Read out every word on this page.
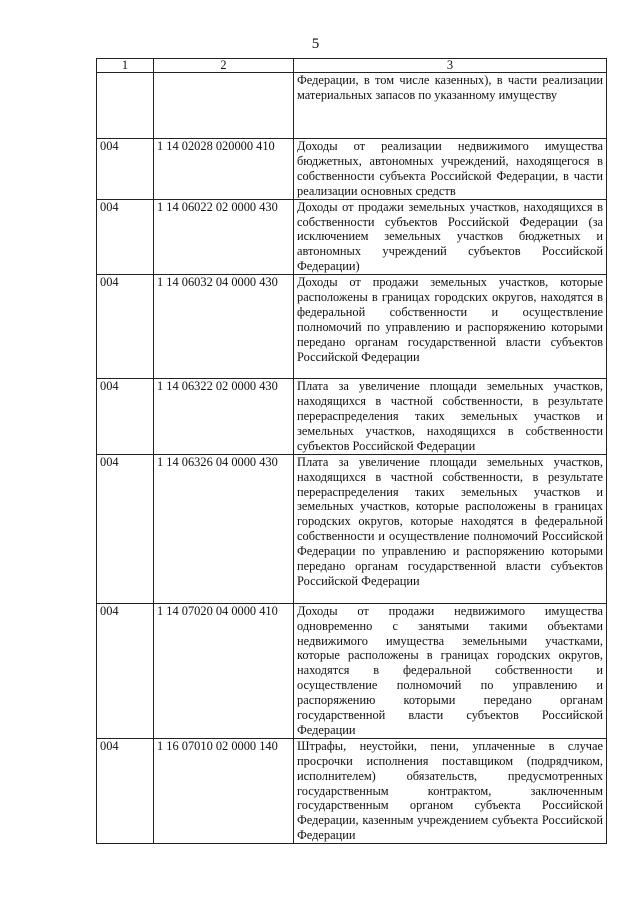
5
1	2	3
		Федерации, в том числе казенных), в части реализации материальных запасов по указанному имуществу
004	1 14 02028 020000 410	Доходы от реализации недвижимого имущества бюджетных, автономных учреждений, находящегося в собственности субъекта Российской Федерации, в части реализации основных средств
004	1 14 06022 02 0000 430	Доходы от продажи земельных участков, находящихся в собственности субъектов Российской Федерации (за исключением земельных участков бюджетных и автономных учреждений субъектов Российской Федерации)
004	1 14 06032 04 0000 430	Доходы от продажи земельных участков, которые расположены в границах городских округов, находятся в федеральной собственности и осуществление полномочий по управлению и распоряжению которыми передано органам государственной власти субъектов Российской Федерации
004	1 14 06322 02 0000 430	Плата за увеличение площади земельных участков, находящихся в частной собственности, в результате перераспределения таких земельных участков и земельных участков, находящихся в собственности субъектов Российской Федерации
004	1 14 06326 04 0000 430	Плата за увеличение площади земельных участков, находящихся в частной собственности, в результате перераспределения таких земельных участков и земельных участков, которые расположены в границах городских округов, которые находятся в федеральной собственности и осуществление полномочий Российской Федерации по управлению и распоряжению которыми передано органам государственной власти субъектов Российской Федерации
004	1 14 07020 04 0000 410	Доходы от продажи недвижимого имущества одновременно с занятыми такими объектами недвижимого имущества земельными участками, которые расположены в границах городских округов, находятся в федеральной собственности и осуществление полномочий по управлению и распоряжению которыми передано органам государственной власти субъектов Российской Федерации
004	1 16 07010 02 0000 140	Штрафы, неустойки, пени, уплаченные в случае просрочки исполнения поставщиком (подрядчиком, исполнителем) обязательств, предусмотренных государственным контрактом, заключенным государственным органом субъекта Российской Федерации, казенным учреждением субъекта Российской Федерации
